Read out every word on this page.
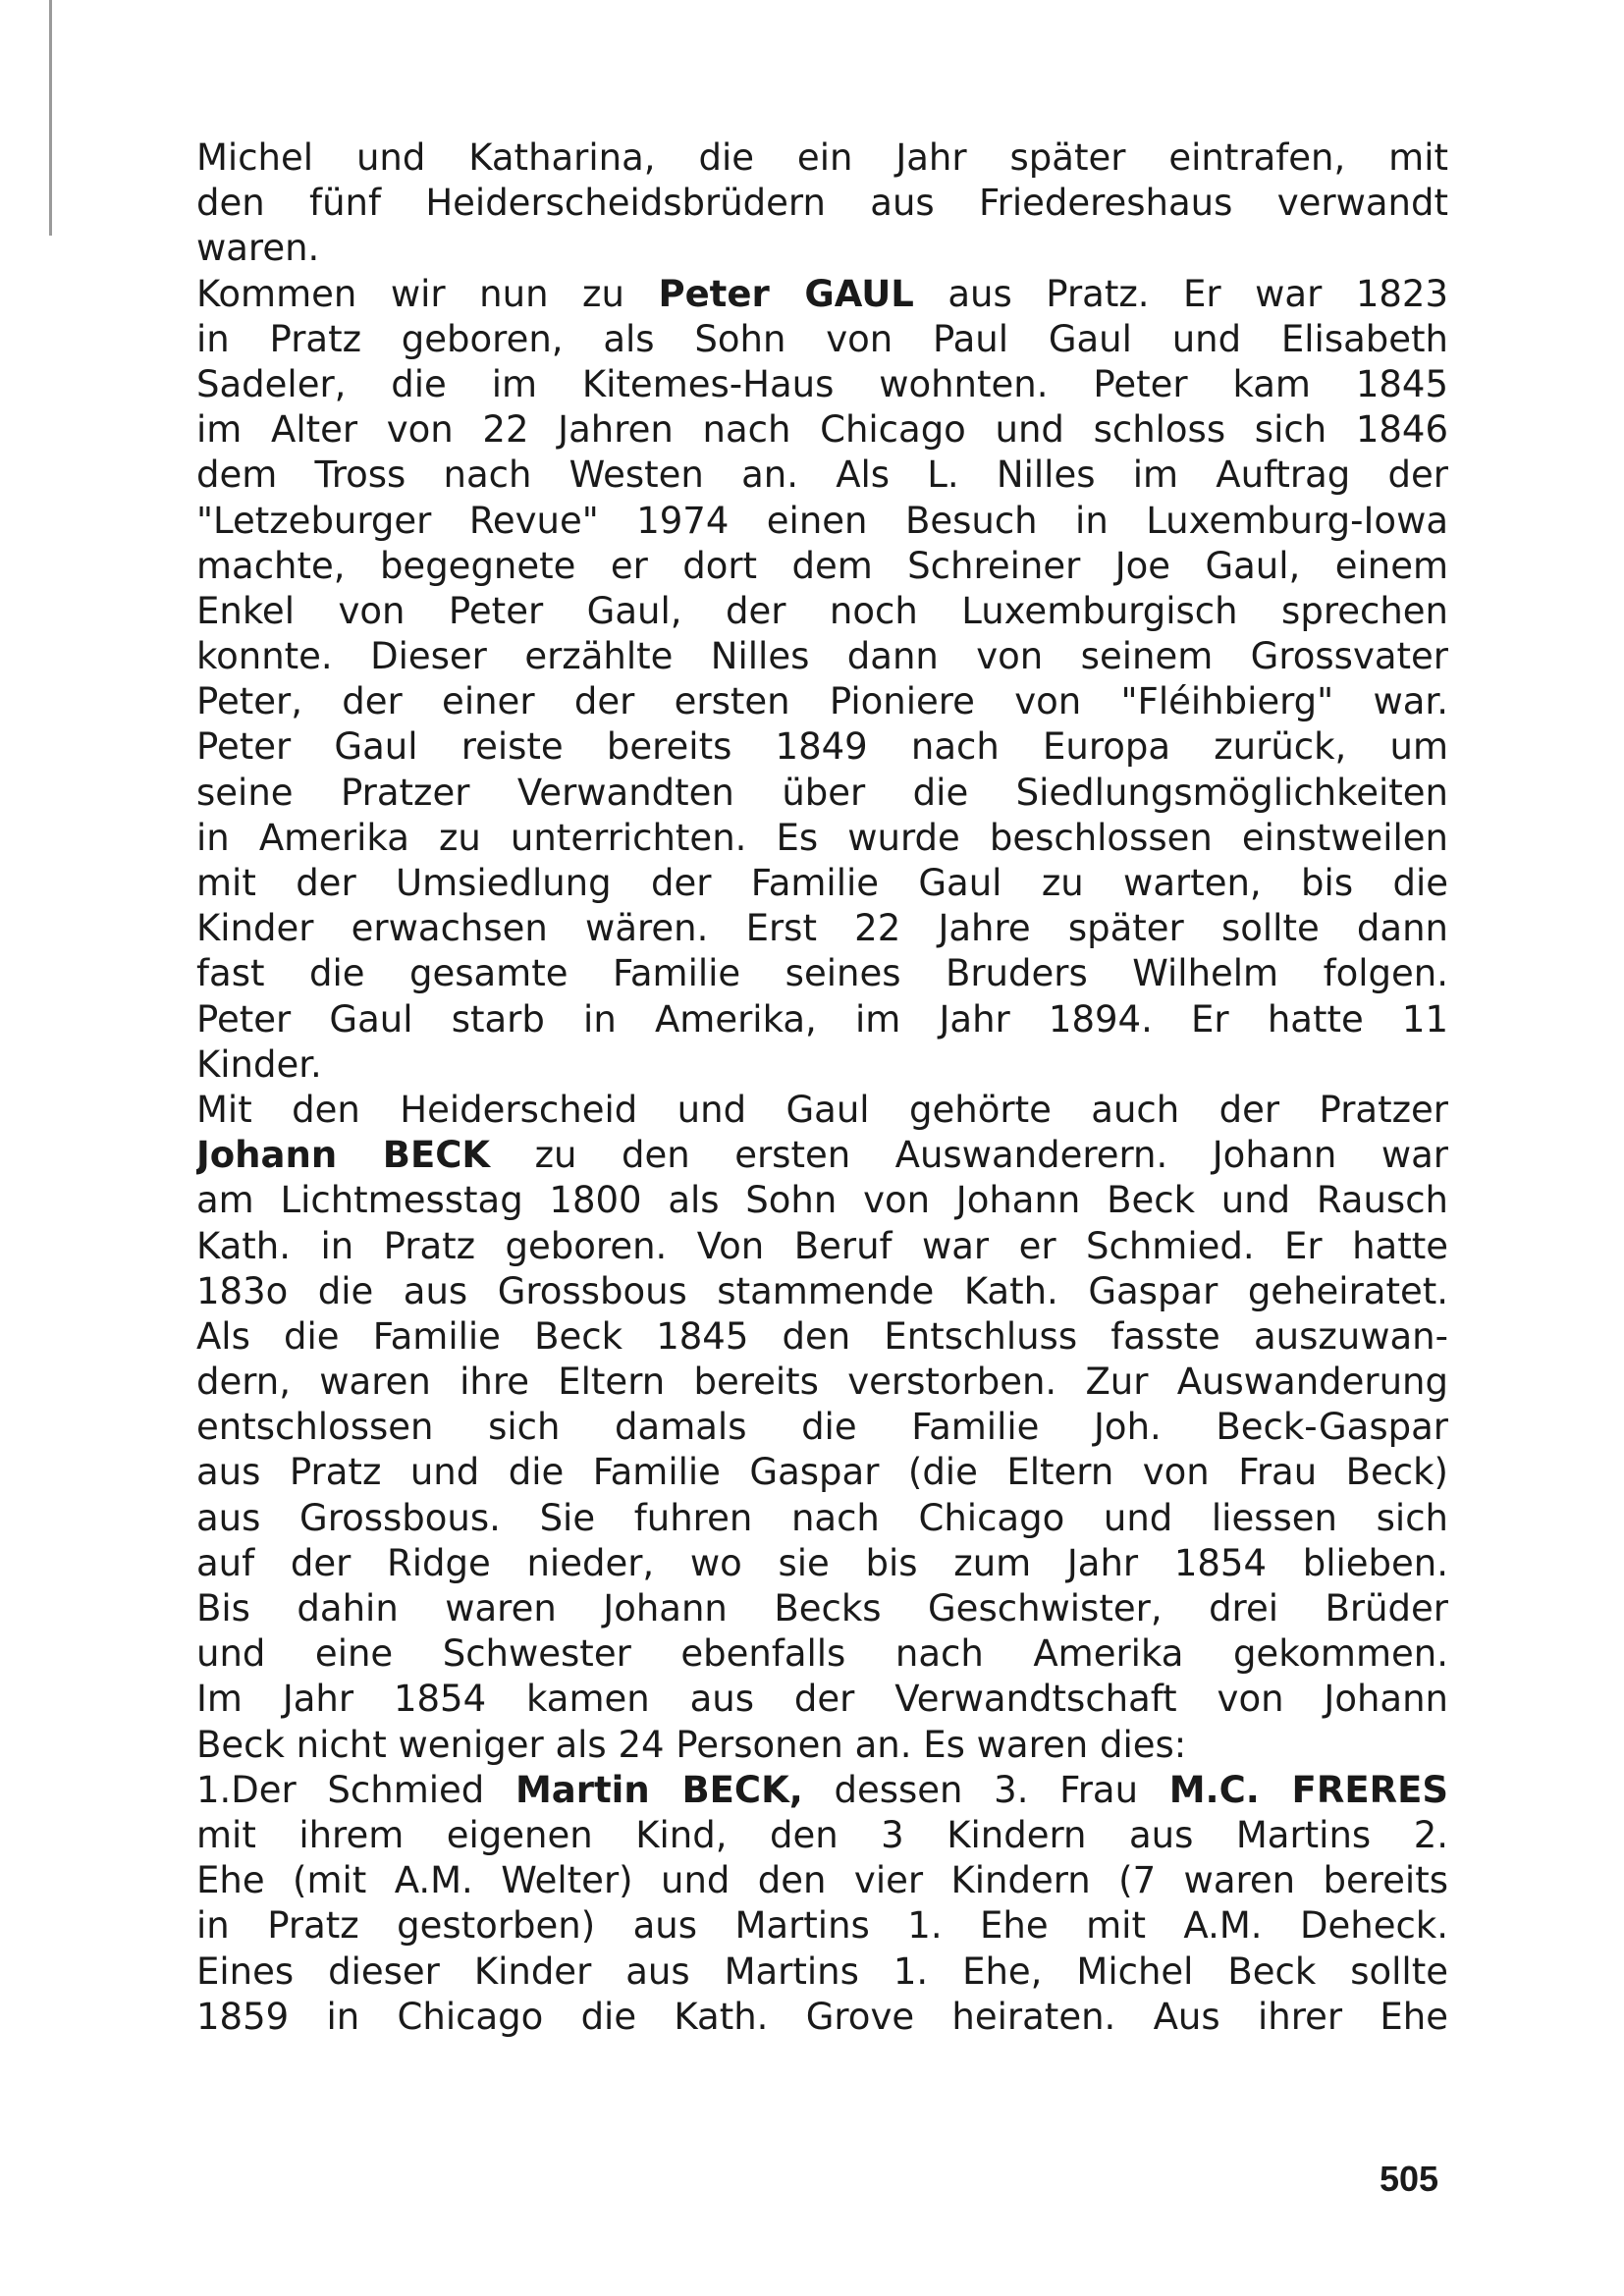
Michel und Katharina, die ein Jahr später eintrafen, mit
den fünf Heiderscheidsbrüdern aus Friedereshaus verwandt
waren.
Kommen wir nun zu Peter GAUL aus Pratz. Er war 1823
in Pratz geboren, als Sohn von Paul Gaul und Elisabeth
Sadeler, die im Kitemes-Haus wohnten. Peter kam 1845
im Alter von 22 Jahren nach Chicago und schloss sich 1846
dem Tross nach Westen an. Als L. Nilles im Auftrag der
"Letzeburger Revue" 1974 einen Besuch in Luxemburg-Iowa
machte, begegnete er dort dem Schreiner Joe Gaul, einem
Enkel von Peter Gaul, der noch Luxemburgisch sprechen
konnte. Dieser erzählte Nilles dann von seinem Grossvater
Peter, der einer der ersten Pioniere von "Fléihbierg" war.
Peter Gaul reiste bereits 1849 nach Europa zurück, um
seine Pratzer Verwandten über die Siedlungsmöglichkeiten
in Amerika zu unterrichten. Es wurde beschlossen einstweilen
mit der Umsiedlung der Familie Gaul zu warten, bis die
Kinder erwachsen wären. Erst 22 Jahre später sollte dann
fast die gesamte Familie seines Bruders Wilhelm folgen.
Peter Gaul starb in Amerika, im Jahr 1894. Er hatte 11
Kinder.
Mit den Heiderscheid und Gaul gehörte auch der Pratzer
Johann BECK zu den ersten Auswanderern. Johann war
am Lichtmesstag 1800 als Sohn von Johann Beck und Rausch
Kath. in Pratz geboren. Von Beruf war er Schmied. Er hatte
183o die aus Grossbous stammende Kath. Gaspar geheiratet.
Als die Familie Beck 1845 den Entschluss fasste auszuwan-
dern, waren ihre Eltern bereits verstorben. Zur Auswanderung
entschlossen sich damals die Familie Joh. Beck-Gaspar
aus Pratz und die Familie Gaspar (die Eltern von Frau Beck)
aus Grossbous. Sie fuhren nach Chicago und liessen sich
auf der Ridge nieder, wo sie bis zum Jahr 1854 blieben.
Bis dahin waren Johann Becks Geschwister, drei Brüder
und eine Schwester ebenfalls nach Amerika gekommen.
Im Jahr 1854 kamen aus der Verwandtschaft von Johann
Beck nicht weniger als 24 Personen an. Es waren dies:
1.Der Schmied Martin BECK, dessen 3. Frau M.C. FRERES
mit ihrem eigenen Kind, den 3 Kindern aus Martins 2.
Ehe (mit A.M. Welter) und den vier Kindern (7 waren bereits
in Pratz gestorben) aus Martins 1. Ehe mit A.M. Deheck.
Eines dieser Kinder aus Martins 1. Ehe, Michel Beck sollte
1859 in Chicago die Kath. Grove heiraten. Aus ihrer Ehe
505
